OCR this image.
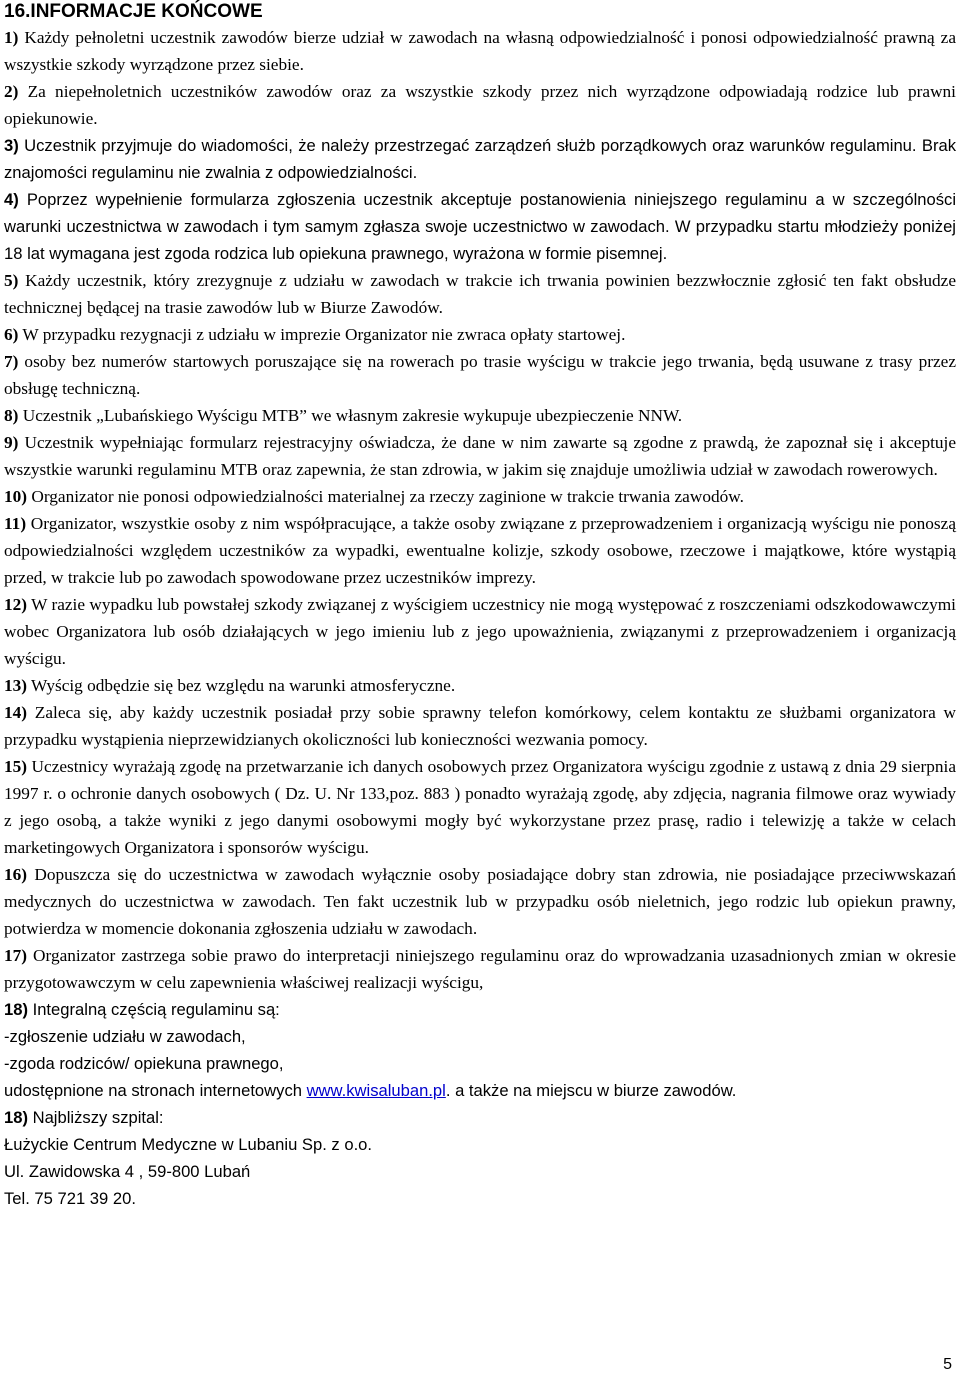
16.INFORMACJE KOŃCOWE

1) Każdy pełnoletni uczestnik zawodów bierze udział w zawodach na własną odpowiedzialność i ponosi odpowiedzialność prawną za wszystkie szkody wyrządzone przez siebie.

2) Za niepełnoletnich uczestników zawodów oraz za wszystkie szkody przez nich wyrządzone odpowiadają rodzice lub prawni opiekunowie.

3) Uczestnik przyjmuje do wiadomości, że należy przestrzegać zarządzeń służb porządkowych oraz warunków regulaminu. Brak znajomości regulaminu nie zwalnia z odpowiedzialności.

4) Poprzez wypełnienie formularza zgłoszenia uczestnik akceptuje postanowienia niniejszego regulaminu a w szczególności warunki uczestnictwa w zawodach i tym samym zgłasza swoje uczestnictwo w zawodach. W przypadku startu młodzieży poniżej 18 lat wymagana jest zgoda rodzica lub opiekuna prawnego, wyrażona w formie pisemnej.

5) Każdy uczestnik, który zrezygnuje z udziału w zawodach w trakcie ich trwania powinien bezzwłocznie zgłosić ten fakt obsłudze technicznej będącej na trasie zawodów lub w Biurze Zawodów.

6) W przypadku rezygnacji z udziału w imprezie Organizator nie zwraca opłaty startowej.

7) osoby bez numerów startowych poruszające się na rowerach po trasie wyścigu w trakcie jego trwania, będą usuwane z trasy przez obsługę techniczną.

8) Uczestnik „Lubańskiego Wyścigu MTB” we własnym zakresie wykupuje ubezpieczenie NNW.

9) Uczestnik wypełniając formularz rejestracyjny oświadcza, że dane w nim zawarte są zgodne z prawdą, że zapoznał się i akceptuje wszystkie warunki regulaminu MTB oraz zapewnia, że stan zdrowia, w jakim się znajduje umożliwia udział w zawodach rowerowych.

10) Organizator nie ponosi odpowiedzialności materialnej za rzeczy zaginione w trakcie trwania zawodów.

11) Organizator, wszystkie osoby z nim współpracujące, a także osoby związane z przeprowadzeniem i organizacją wyścigu nie ponoszą odpowiedzialności względem uczestników za wypadki, ewentualne kolizje, szkody osobowe, rzeczowe i majątkowe, które wystąpią przed, w trakcie lub po zawodach spowodowane przez uczestników imprezy.

12) W razie wypadku lub powstałej szkody związanej z wyścigiem uczestnicy nie mogą występować z roszczeniami odszkodowawczymi wobec Organizatora lub osób działających w jego imieniu lub z jego upoważnienia, związanymi z przeprowadzeniem i organizacją wyścigu.

13) Wyścig odbędzie się bez względu na warunki atmosferyczne.

14) Zaleca się, aby każdy uczestnik posiadał przy sobie sprawny telefon komórkowy, celem kontaktu ze służbami organizatora w przypadku wystąpienia nieprzewidzianych okoliczności lub konieczności wezwania pomocy.

15) Uczestnicy wyrażają zgodę na przetwarzanie ich danych osobowych przez Organizatora wyścigu zgodnie z ustawą z dnia 29 sierpnia 1997 r. o ochronie danych osobowych ( Dz. U. Nr 133,poz. 883 ) ponadto wyrażają zgodę, aby zdjęcia, nagrania filmowe oraz wywiady z jego osobą, a także wyniki z jego danymi osobowymi mogły być wykorzystane przez prasę, radio i telewizję a także w celach marketingowych Organizatora i sponsorów wyścigu.

16) Dopuszcza się do uczestnictwa w zawodach wyłącznie osoby posiadające dobry stan zdrowia, nie posiadające przeciwwskazań medycznych do uczestnictwa w zawodach. Ten fakt uczestnik lub w przypadku osób nieletnich, jego rodzic lub opiekun prawny, potwierdza w momencie dokonania zgłoszenia udziału w zawodach.

17) Organizator zastrzega sobie prawo do interpretacji niniejszego regulaminu oraz do wprowadzania uzasadnionych zmian w okresie przygotowawczym w celu zapewnienia właściwej realizacji wyścigu,

18) Integralną częścią regulaminu są:

-zgłoszenie udziału w zawodach,

-zgoda rodziców/ opiekuna prawnego,

udostępnione na stronach internetowych www.kwisaluban.pl. a także na miejscu w biurze zawodów.

18) Najbliższy szpital:

Łużyckie Centrum Medyczne w Lubaniu Sp. z o.o.

Ul. Zawidowska 4 , 59-800 Lubań

Tel. 75 721 39 20.

5
